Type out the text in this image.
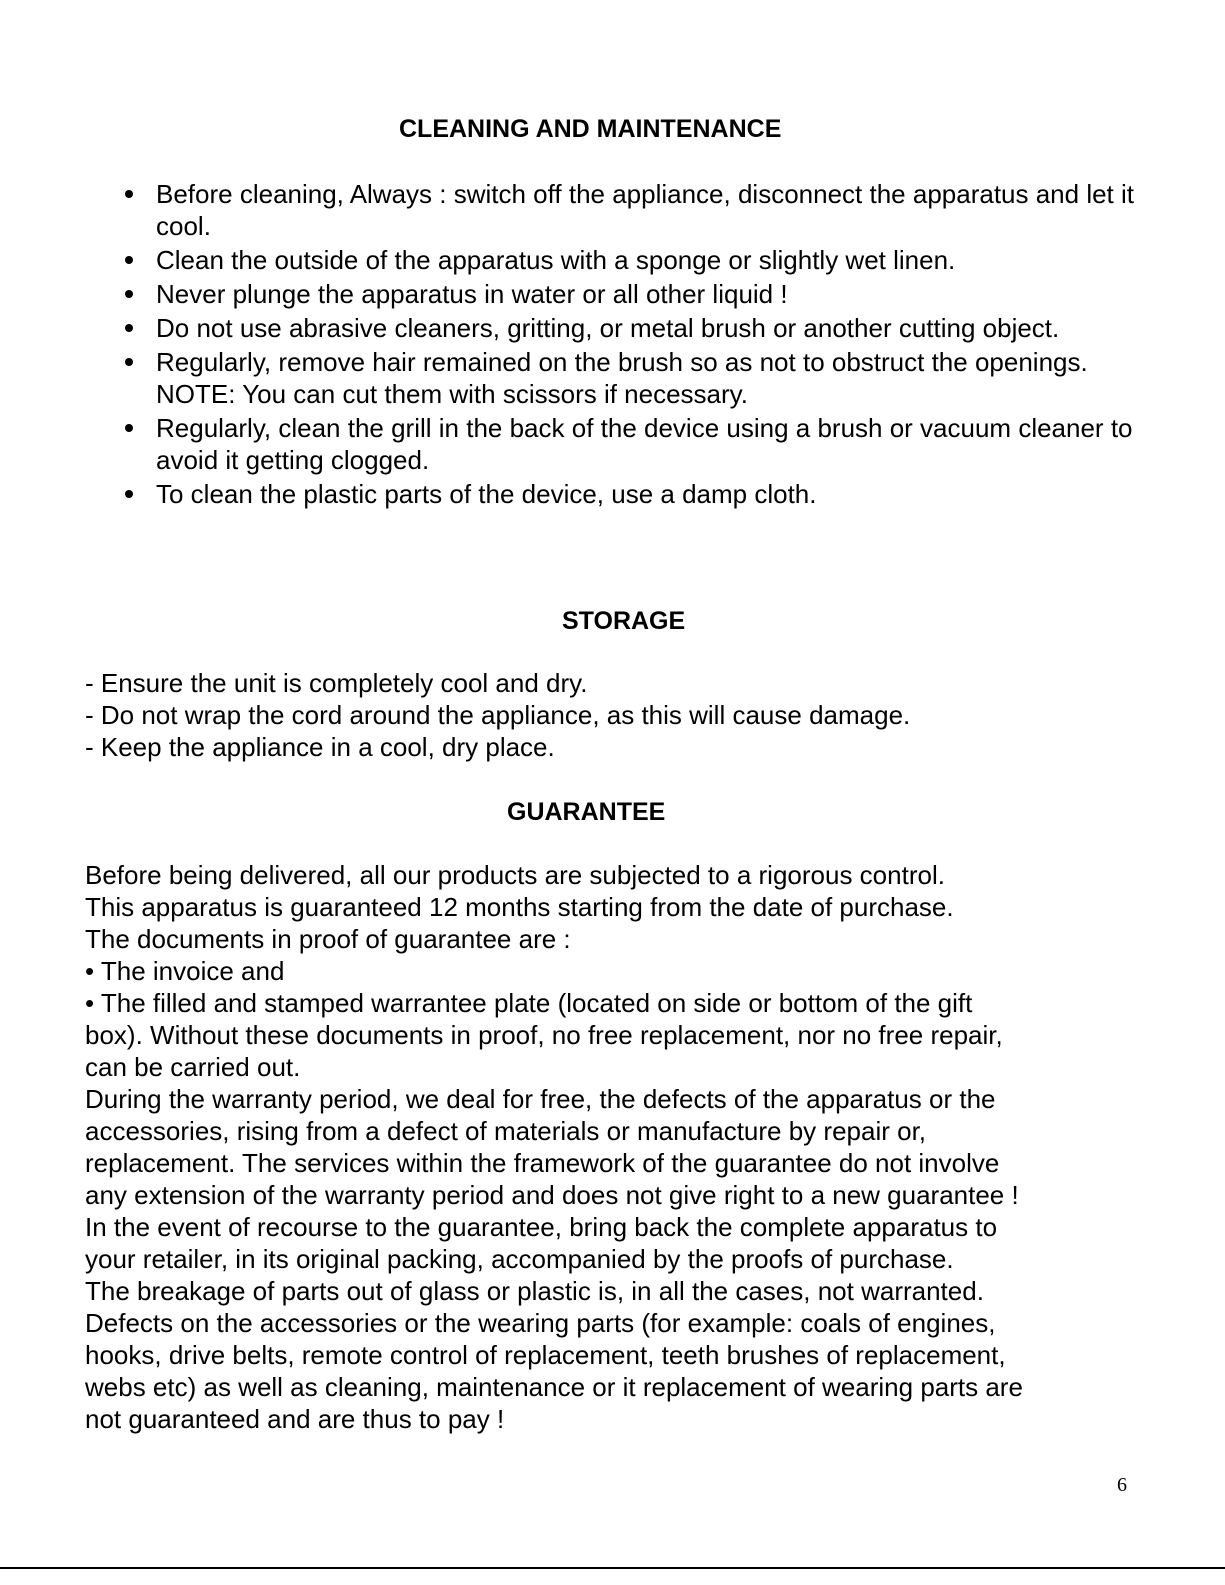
CLEANING AND MAINTENANCE
Before cleaning, Always : switch off the appliance, disconnect the apparatus and let it cool.
Clean the outside of the apparatus with a sponge or slightly wet linen.
Never plunge the apparatus in water or all other liquid !
Do not use abrasive cleaners, gritting, or metal brush or another cutting object.
Regularly, remove hair remained on the brush so as not to obstruct the openings.
NOTE: You can cut them with scissors if necessary.
Regularly, clean the grill in the back of the device using a brush or vacuum cleaner to avoid it getting clogged.
To clean the plastic parts of the device, use a damp cloth.
STORAGE
- Ensure the unit is completely cool and dry.
- Do not wrap the cord around the appliance, as this will cause damage.
- Keep the appliance in a cool, dry place.
GUARANTEE
Before being delivered, all our products are subjected to a rigorous control.
This apparatus is guaranteed 12 months starting from the date of purchase.
The documents in proof of guarantee are :
• The invoice and
• The filled and stamped warrantee plate (located on side or bottom of the gift
box). Without these documents in proof, no free replacement, nor no free repair,
can be carried out.
During the warranty period, we deal for free, the defects of the apparatus or the
accessories, rising from a defect of materials or manufacture by repair or,
replacement. The services within the framework of the guarantee do not involve
any extension of the warranty period and does not give right to a new guarantee !
In the event of recourse to the guarantee, bring back the complete apparatus to
your retailer, in its original packing, accompanied by the proofs of purchase.
The breakage of parts out of glass or plastic is, in all the cases, not warranted.
Defects on the accessories or the wearing parts (for example: coals of engines,
hooks, drive belts, remote control of replacement, teeth brushes of replacement,
webs etc) as well as cleaning, maintenance or it replacement of wearing parts are
not guaranteed and are thus to pay !
6
